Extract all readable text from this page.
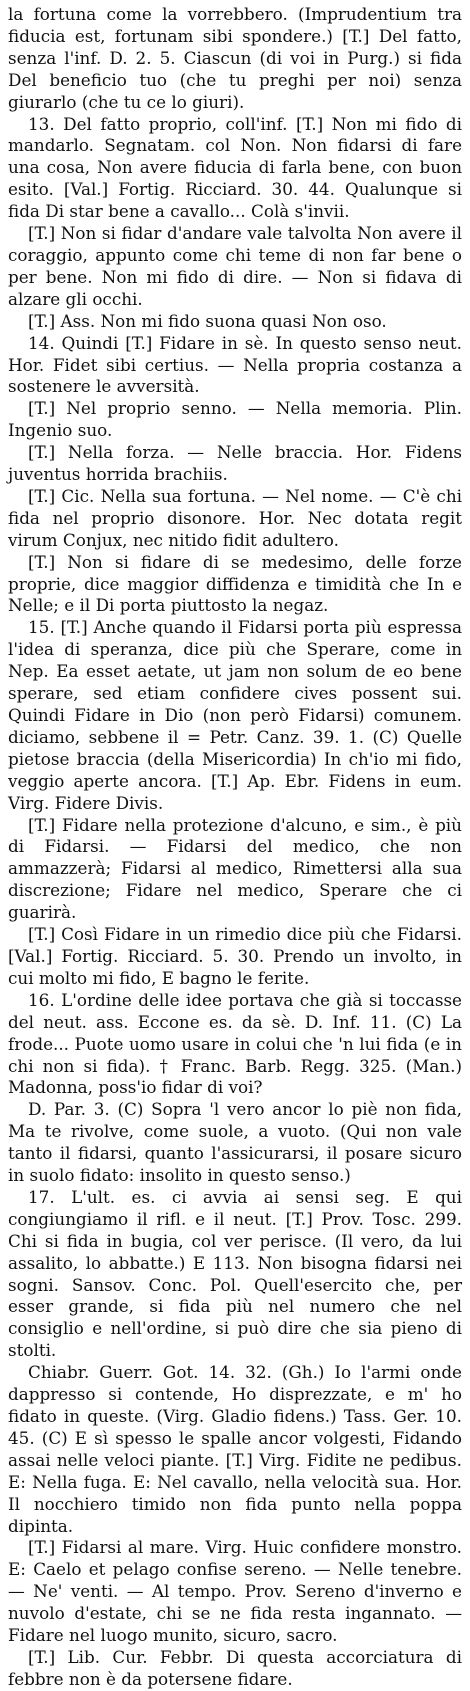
la fortuna come la vorrebbero. (Imprudentium tra fiducia est, fortunam sibi spondere.) [T.] Del fatto, senza l'inf. D. 2. 5. Ciascun (di voi in Purg.) si fida Del beneficio tuo (che tu preghi per noi) senza giurarlo (che tu ce lo giuri).

13. Del fatto proprio, coll'inf. [T.] Non mi fido di mandarlo. Segnatam. col Non. Non fidarsi di fare una cosa, Non avere fiducia di farla bene, con buon esito. [Val.] Fortig. Ricciard. 30. 44. Qualunque si fida Di star bene a cavallo... Colà s'invii.

[T.] Non si fidar d'andare vale talvolta Non avere il coraggio, appunto come chi teme di non far bene o per bene. Non mi fido di dire. — Non si fidava di alzare gli occhi.

[T.] Ass. Non mi fido suona quasi Non oso.

14. Quindi [T.] Fidare in sè. In questo senso neut. Hor. Fidet sibi certius. — Nella propria costanza a sostenere le avversità.

[T.] Nel proprio senno. — Nella memoria. Plin. Ingenio suo.

[T.] Nella forza. — Nelle braccia. Hor. Fidens juventus horrida brachiis.

[T.] Cic. Nella sua fortuna. — Nel nome. — C'è chi fida nel proprio disonore. Hor. Nec dotata regit virum Conjux, nec nitido fidit adultero.

[T.] Non si fidare di se medesimo, delle forze proprie, dice maggior diffidenza e timidità che In e Nelle; e il Di porta piuttosto la negaz.

15. [T.] Anche quando il Fidarsi porta più espressa l'idea di speranza, dice più che Sperare, come in Nep. Ea esset aetate, ut jam non solum de eo bene sperare, sed etiam confidere cives possent sui. Quindi Fidare in Dio (non però Fidarsi) comunem. diciamo, sebbene il = Petr. Canz. 39. 1. (C) Quelle pietose braccia (della Misericordia) In ch'io mi fido, veggio aperte ancora. [T.] Ap. Ebr. Fidens in eum. Virg. Fidere Divis.

[T.] Fidare nella protezione d'alcuno, e sim., è più di Fidarsi. — Fidarsi del medico, che non ammazzerà; Fidarsi al medico, Rimettersi alla sua discrezione; Fidare nel medico, Sperare che ci guarirà.

[T.] Così Fidare in un rimedio dice più che Fidarsi. [Val.] Fortig. Ricciard. 5. 30. Prendo un involto, in cui molto mi fido, E bagno le ferite.

16. L'ordine delle idee portava che già si toccasse del neut. ass. Eccone es. da sè. D. Inf. 11. (C) La frode... Puote uomo usare in colui che 'n lui fida (e in chi non si fida). † Franc. Barb. Regg. 325. (Man.) Madonna, poss'io fidar di voi?

D. Par. 3. (C) Sopra 'l vero ancor lo piè non fida, Ma te rivolve, come suole, a vuoto. (Qui non vale tanto il fidarsi, quanto l'assicurarsi, il posare sicuro in suolo fidato: insolito in questo senso.)

17. L'ult. es. ci avvia ai sensi seg. E qui congiungiamo il rifl. e il neut. [T.] Prov. Tosc. 299. Chi si fida in bugia, col ver perisce. (Il vero, da lui assalito, lo abbatte.) E 113. Non bisogna fidarsi nei sogni. Sansov. Conc. Pol. Quell'esercito che, per esser grande, si fida più nel numero che nel consiglio e nell'ordine, si può dire che sia pieno di stolti.

Chiabr. Guerr. Got. 14. 32. (Gh.) Io l'armi onde dappresso si contende, Ho disprezzate, e m' ho fidato in queste. (Virg. Gladio fidens.) Tass. Ger. 10. 45. (C) E sì spesso le spalle ancor volgesti, Fidando assai nelle veloci piante. [T.] Virg. Fidite ne pedibus. E: Nella fuga. E: Nel cavallo, nella velocità sua. Hor. Il nocchiero timido non fida punto nella poppa dipinta.

[T.] Fidarsi al mare. Virg. Huic confidere monstro. E: Caelo et pelago confise sereno. — Nelle tenebre. — Ne' venti. — Al tempo. Prov. Sereno d'inverno e nuvolo d'estate, chi se ne fida resta ingannato. — Fidare nel luogo munito, sicuro, sacro.

[T.] Lib. Cur. Febbr. Di questa accorciatura di febbre non è da potersene fidare.
